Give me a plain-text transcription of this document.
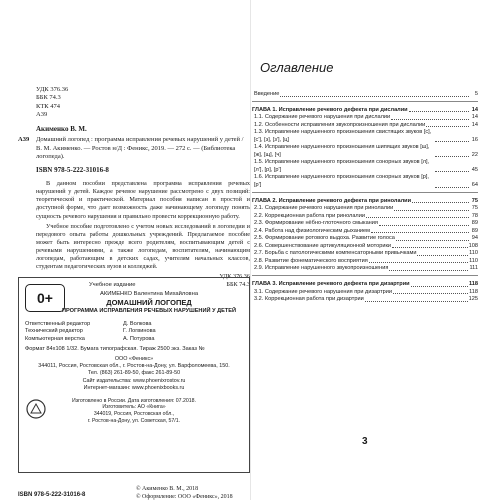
УДК 376.36
ББК 74.3
КТК 474
А39
Акименко В. М.
А39 Домашний логопед : программа исправления речевых нарушений у детей / В. М. Акименко. — Ростов н/Д : Феникс, 2019. — 272 с. — (Библиотека логопеда).
ISBN 978-5-222-31016-8

В данном пособии представлена программа исправления речевых нарушений у детей. Каждое речевое нарушение рассмотрено с двух позиций: теоретической и практической. Материал пособия написан в простой и доступной форме, что дает возможность даже начинающему логопеду понять сущность речевого нарушения и правильно провести коррекционную работу.

Учебное пособие подготовлено с учетом новых исследований в логопедии и передового опыта работы дошкольных учреждений. Предлагаемое пособие может быть интересно прежде всего родителям, воспитывающим детей с речевыми нарушениями, а также логопедам, воспитателям, начинающим логопедам, работающим в детских садах, учителям начальных классов, студентам педагогических вузов и колледжей.

УДК 376.36
ББК 74.3
0+
Учебное издание
АКИМЕНКО Валентина Михайловна
ДОМАШНИЙ ЛОГОПЕД
ПРОГРАММА ИСПРАВЛЕНИЯ РЕЧЕВЫХ НАРУШЕНИЙ У ДЕТЕЙ
Ответственный редактор	Д. Волкова
Технический редактор	Г. Логвинова
Компьютерная верстка	А. Потурова
Формат 84х108 1/32. Бумага типографская. Тираж 2500 экз. Заказ №
ООО «Феникс»
344011, Россия, Ростовская обл., г. Ростов-на-Дону, ул. Варфоломеева, 150.
Тел. (863) 261-89-50, факс 261-89-50
Сайт издательства: www.phoenixrostov.ru
Интернет-магазин: www.phoenixbooks.ru
Изготовлено в России. Дата изготовления: 07.2018.
Изготовитель: АО «Книга»
344019, Россия, Ростовская обл.,
г. Ростов-на-Дону, ул. Советская, 57/1.
ISBN 978-5-222-31016-8
© Акименко В. М., 2018
© Оформление: ООО «Феникс», 2018
Оглавление
Введение	5
ГЛАВА 1. Исправление речевого дефекта при дислалии	14
1.1. Содержание речевого нарушения при дислалии	14
1.2. Особенности исправления звукопроизношения при дислалии	14
1.3. Исправление нарушенного произношения свистящих звуков [с], [с'], [з], [з'], [ц]	16
1.4. Исправление нарушенного произношения шипящих звуков [ш], [ж], [щ], [ч]	22
1.5. Исправление нарушенного произношения сонорных звуков [л], [л'], [р], [р']	45
1.6. Исправление нарушенного произношения сонорных звуков [р], [р']	64
ГЛАВА 2. Исправление речевого дефекта при ринолалии	75
2.1. Содержание речевого нарушения при ринолалии	75
2.2. Коррекционная работа при ринолалии	78
2.3. Формирование нёбно-глоточного смыкания	89
2.4. Работа над физиологическим дыханием	89
2.5. Формирование ротового выдоха. Развитие голоса	94
2.6. Совершенствование артикуляционной моторики	108
2.7. Борьба с патологическими компенсаторными привычками	110
2.8. Развитие фонематического восприятия	110
2.9. Исправление нарушенного звукопроизношения	111
ГЛАВА 3. Исправление речевого дефекта при дизартрии	118
3.1. Содержание речевого нарушения при дизартрии	118
3.2. Коррекционная работа при дизартрии	125
3
